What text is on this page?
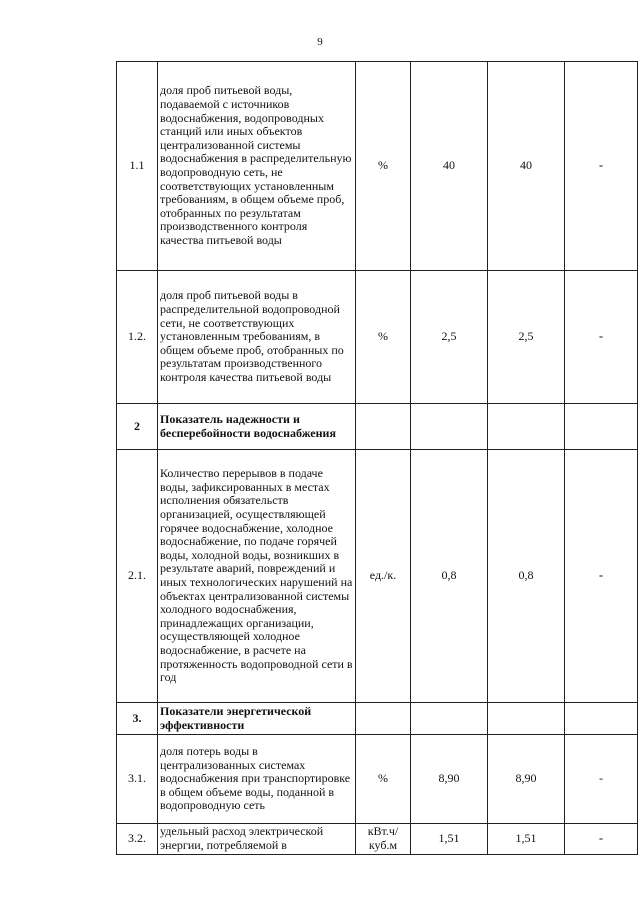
9
1.1	доля проб питьевой воды, подаваемой с источников водоснабжения, водопроводных станций или иных объектов централизованной системы водоснабжения в распределительную водопроводную сеть, не соответствующих установленным требованиям, в общем объеме проб, отобранных по результатам производственного контроля качества питьевой воды	%	40	40	-
1.2.	доля проб питьевой воды в распределительной водопроводной сети, не соответствующих установленным требованиям, в общем объеме проб, отобранных по результатам производственного контроля качества питьевой воды	%	2,5	2,5	-
2	Показатель надежности и бесперебойности водоснабжения				
2.1.	Количество перерывов в подаче воды, зафиксированных в местах исполнения обязательств организацией, осуществляющей горячее водоснабжение, холодное водоснабжение, по подаче горячей воды, холодной воды, возникших в результате аварий, повреждений и иных технологических нарушений на объектах централизованной системы холодного водоснабжения, принадлежащих организации, осуществляющей холодное водоснабжение, в расчете на протяженность водопроводной сети в год	ед./к.	0,8	0,8	-
3.	Показатели энергетической эффективности				
3.1.	доля потерь воды в централизованных системах водоснабжения при транспортировке в общем объеме воды, поданной в водопроводную сеть	%	8,90	8,90	-
3.2.	удельный расход электрической энергии, потребляемой в	кВт.ч/ куб.м	1,51	1,51	-
